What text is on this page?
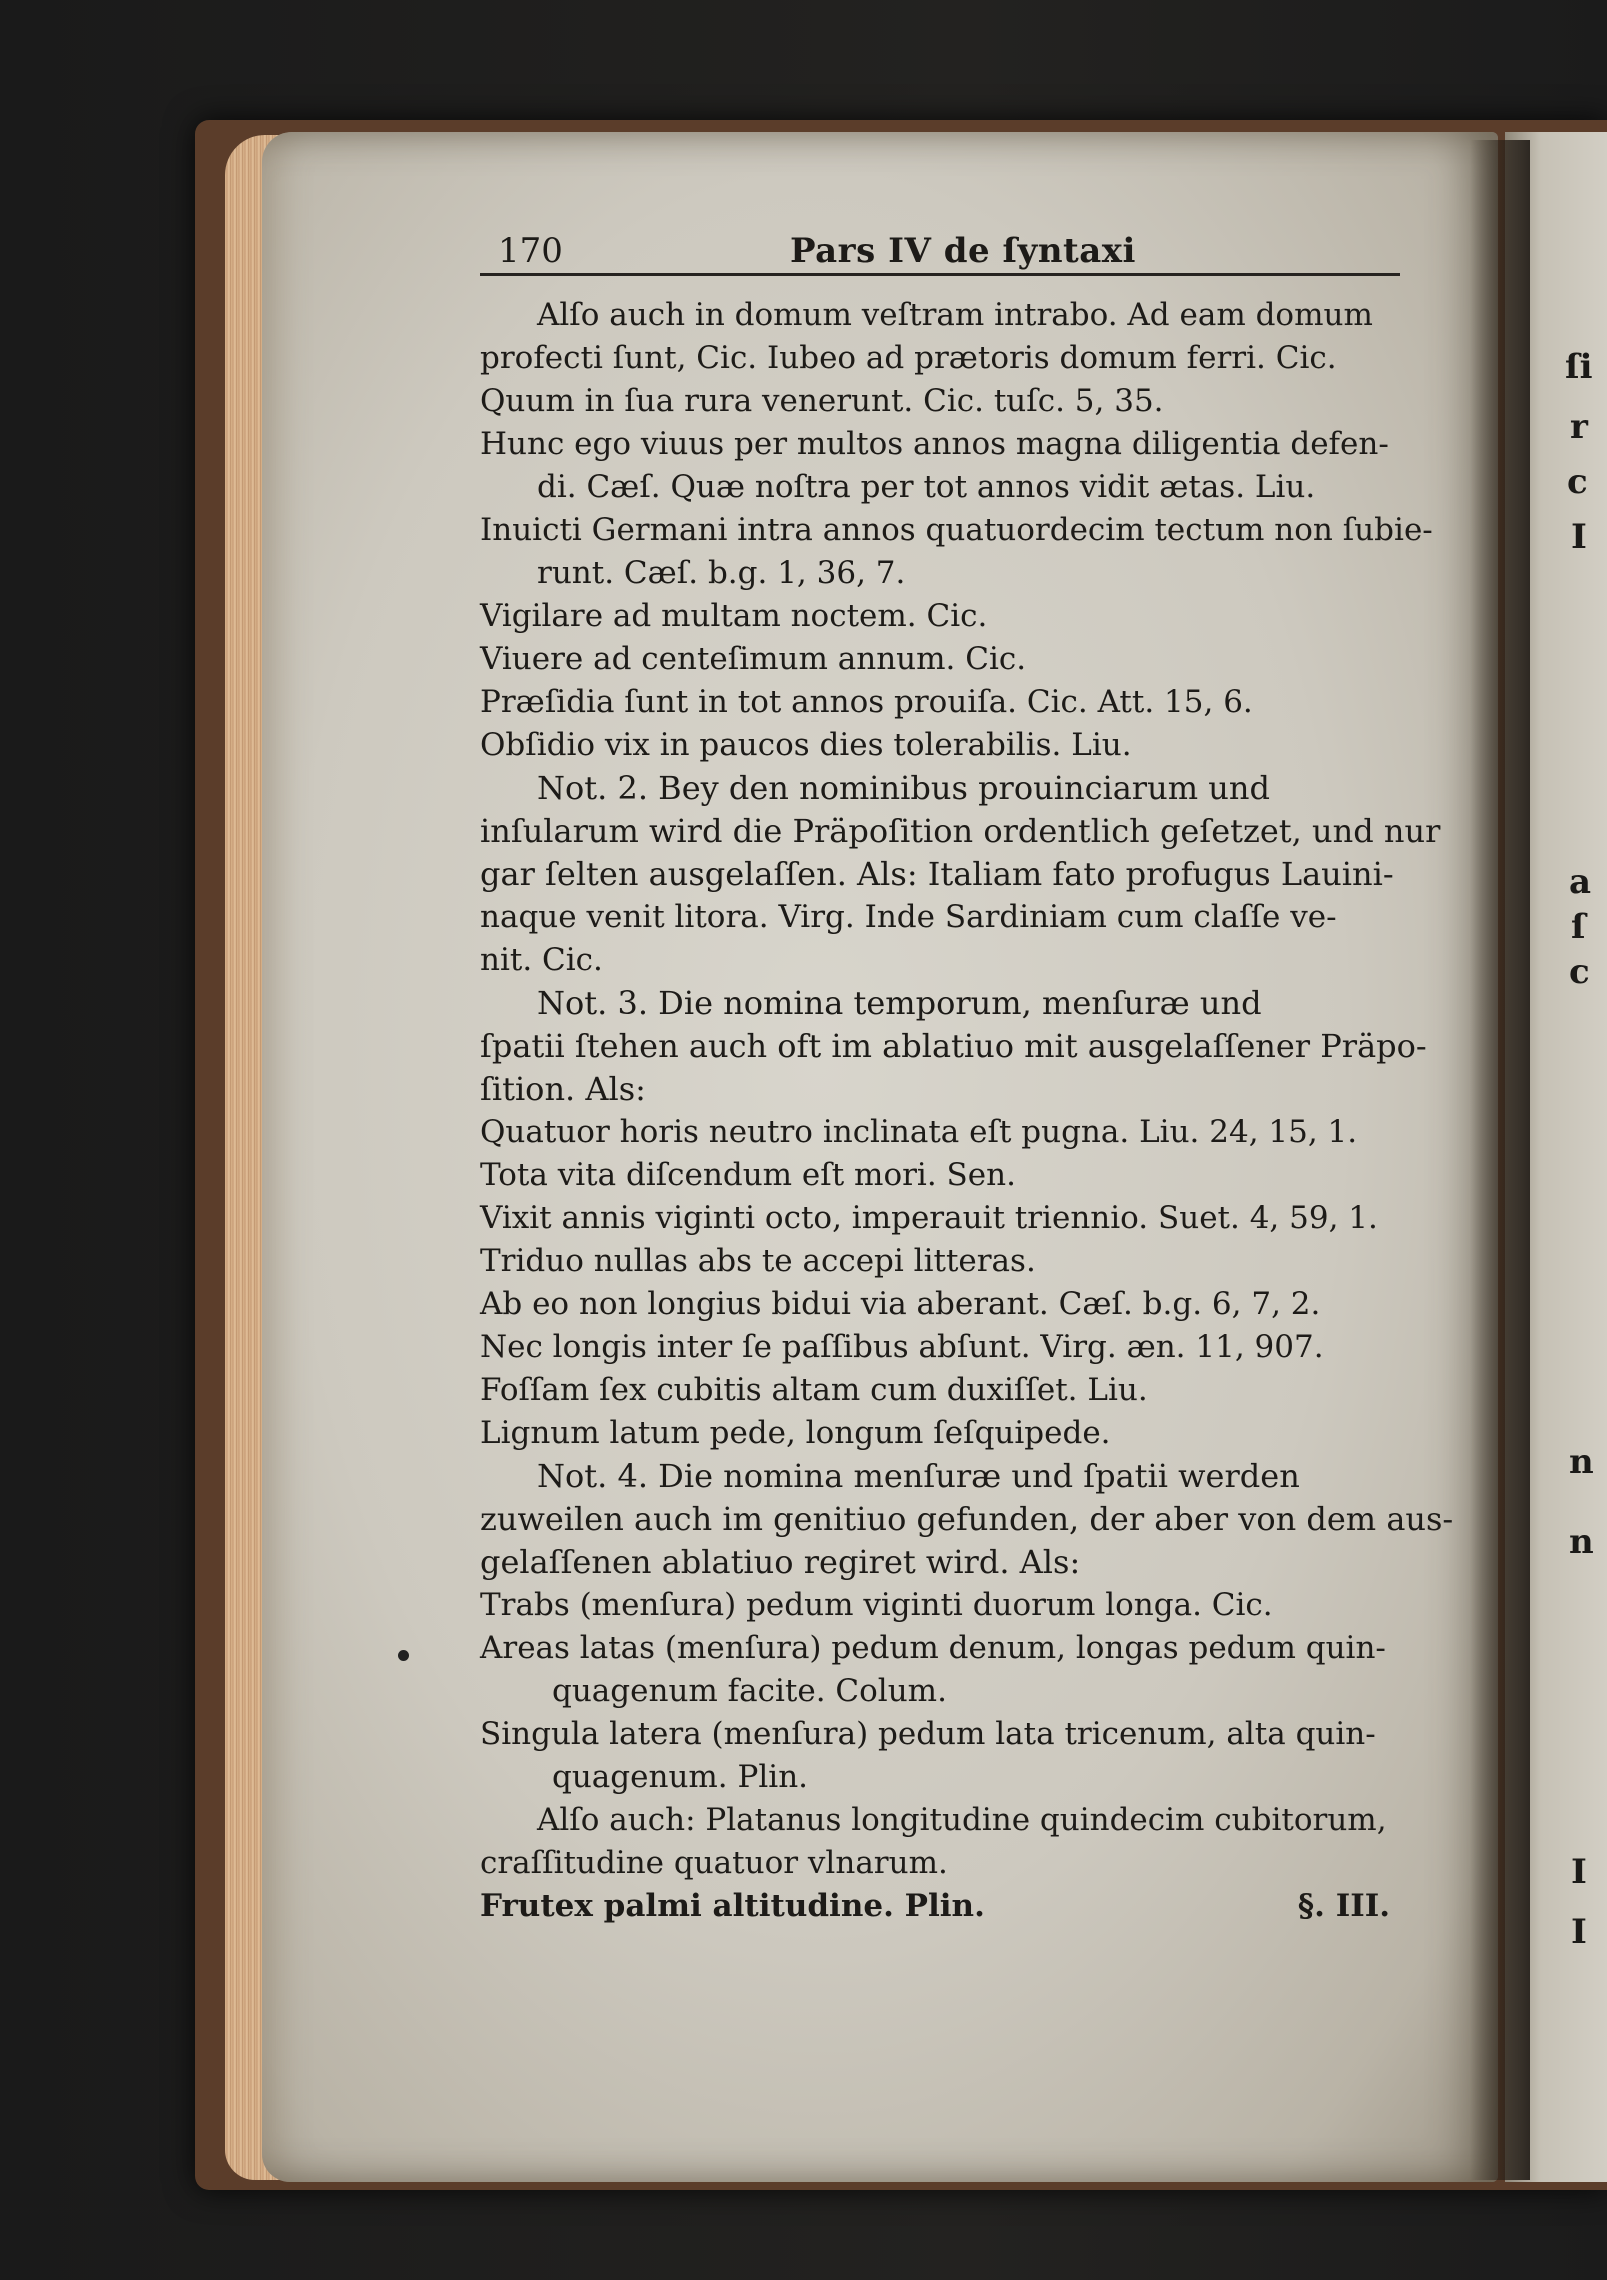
ſi
r
c
I
a
ſ
c
n
n
I
I
170	Pars IV de ſyntaxi
Alſo auch in domum veſtram intrabo. Ad eam domum
profecti ſunt, Cic. Iubeo ad prætoris domum ferri. Cic.
Quum in ſua rura venerunt. Cic. tuſc. 5, 35.
Hunc ego viuus per multos annos magna diligentia defen-
di. Cæſ. Quæ noſtra per tot annos vidit ætas. Liu.
Inuicti Germani intra annos quatuordecim tectum non ſubie-
runt. Cæſ. b.g. 1, 36, 7.
Vigilare ad multam noctem. Cic.
Viuere ad centeſimum annum. Cic.
Præſidia ſunt in tot annos prouiſa. Cic. Att. 15, 6.
Obſidio vix in paucos dies tolerabilis. Liu.
Not. 2. Bey den nominibus prouinciarum und
inſularum wird die Präpoſition ordentlich geſetzet, und nur
gar ſelten ausgelaſſen. Als: Italiam fato profugus Lauini-
naque venit litora. Virg. Inde Sardiniam cum claſſe ve-
nit. Cic.
Not. 3. Die nomina temporum, menſuræ und
ſpatii ſtehen auch oft im ablatiuo mit ausgelaſſener Präpo-
ſition. Als:
Quatuor horis neutro inclinata eſt pugna. Liu. 24, 15, 1.
Tota vita diſcendum eſt mori. Sen.
Vixit annis viginti octo, imperauit triennio. Suet. 4, 59, 1.
Triduo nullas abs te accepi litteras.
Ab eo non longius bidui via aberant. Cæſ. b.g. 6, 7, 2.
Nec longis inter ſe paſſibus abſunt. Virg. æn. 11, 907.
Foſſam ſex cubitis altam cum duxiſſet. Liu.
Lignum latum pede, longum ſeſquipede.
Not. 4. Die nomina menſuræ und ſpatii werden
zuweilen auch im genitiuo gefunden, der aber von dem aus-
gelaſſenen ablatiuo regiret wird. Als:
Trabs (menſura) pedum viginti duorum longa. Cic.
Areas latas (menſura) pedum denum, longas pedum quin-
quagenum facite. Colum.
Singula latera (menſura) pedum lata tricenum, alta quin-
quagenum. Plin.
Alſo auch: Platanus longitudine quindecim cubitorum,
craſſitudine quatuor vlnarum.
Frutex palmi altitudine. Plin.	§. III.
